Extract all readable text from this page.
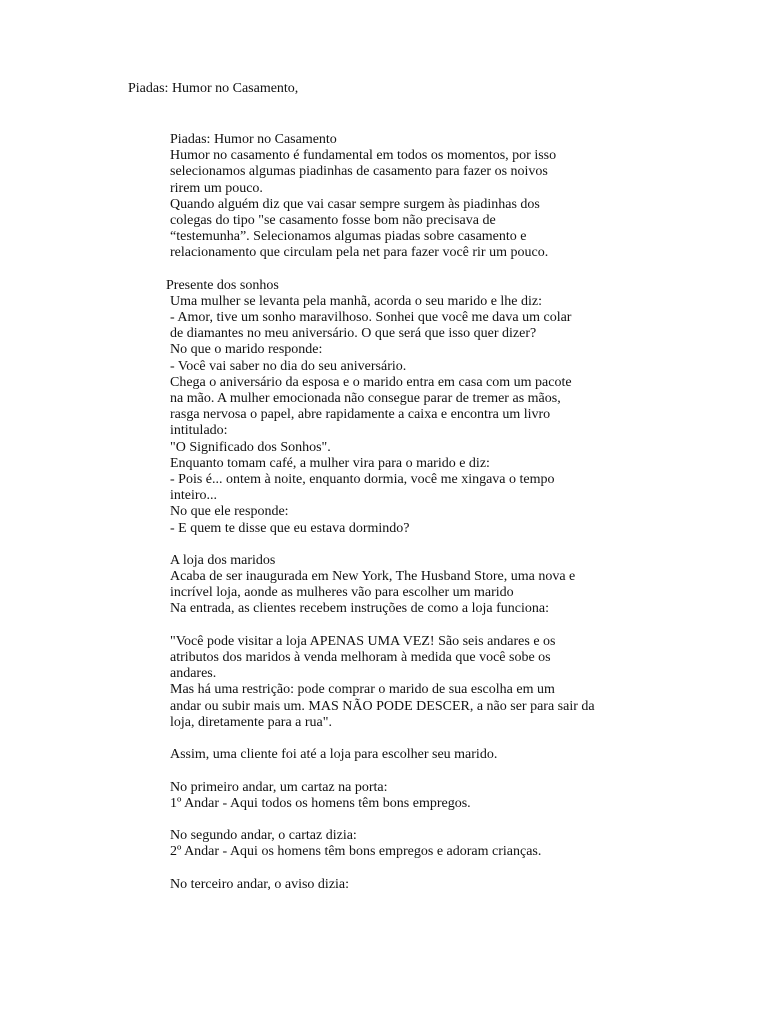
Piadas: Humor no Casamento,
Piadas: Humor no Casamento
Humor no casamento é fundamental em todos os momentos, por isso
selecionamos algumas piadinhas de casamento para fazer os noivos
rirem um pouco.
Quando alguém diz que vai casar sempre surgem às piadinhas dos
colegas do tipo "se casamento fosse bom não precisava de
“testemunha”. Selecionamos algumas piadas sobre casamento e
relacionamento que circulam pela net para fazer você rir um pouco.
Presente dos sonhos
Uma mulher se levanta pela manhã, acorda o seu marido e lhe diz:
- Amor, tive um sonho maravilhoso. Sonhei que você me dava um colar
de diamantes no meu aniversário. O que será que isso quer dizer?
No que o marido responde:
- Você vai saber no dia do seu aniversário.
Chega o aniversário da esposa e o marido entra em casa com um pacote
na mão. A mulher emocionada não consegue parar de tremer as mãos,
rasga nervosa o papel, abre rapidamente a caixa e encontra um livro
intitulado:
"O Significado dos Sonhos".
Enquanto tomam café, a mulher vira para o marido e diz:
- Pois é... ontem à noite, enquanto dormia, você me xingava o tempo
inteiro...
No que ele responde:
- E quem te disse que eu estava dormindo?
A loja dos maridos
Acaba de ser inaugurada em New York, The Husband Store, uma nova e
incrível loja, aonde as mulheres vão para escolher um marido
Na entrada, as clientes recebem instruções de como a loja funciona:
"Você pode visitar a loja APENAS UMA VEZ! São seis andares e os
atributos dos maridos à venda melhoram à medida que você sobe os
andares.
Mas há uma restrição: pode comprar o marido de sua escolha em um
andar ou subir mais um. MAS NÃO PODE DESCER, a não ser para sair da
loja, diretamente para a rua".
Assim, uma cliente foi até a loja para escolher seu marido.
No primeiro andar, um cartaz na porta:
1º Andar - Aqui todos os homens têm bons empregos.
No segundo andar, o cartaz dizia:
2º Andar - Aqui os homens têm bons empregos e adoram crianças.
No terceiro andar, o aviso dizia:
